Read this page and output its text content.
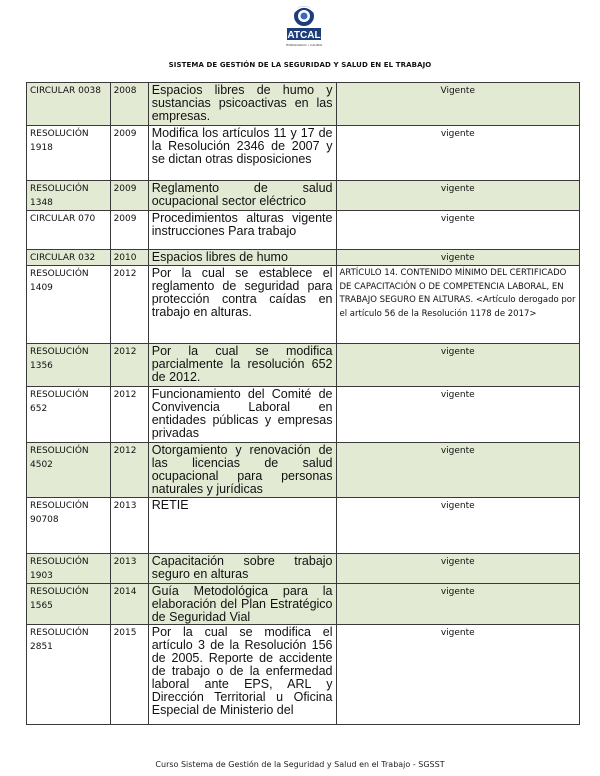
ATCAL
TECNOLÓGICO • CALIDAD
SISTEMA DE GESTIÓN DE LA SEGURIDAD Y SALUD EN EL TRABAJO
CIRCULAR 0038	2008	Espacios libres de humo y sustancias psicoactivas en las empresas.	Vigente
RESOLUCIÓN 1918	2009	Modifica los artículos 11 y 17 de la Resolución 2346 de 2007 y se dictan otras disposiciones	vigente
RESOLUCIÓN 1348	2009	Reglamento de salud ocupacional sector eléctrico	vigente
CIRCULAR 070	2009	Procedimientos alturas vigente instrucciones Para trabajo	vigente
CIRCULAR 032	2010	Espacios libres de humo	vigente
RESOLUCIÓN 1409	2012	Por la cual se establece el reglamento de seguridad para protección contra caídas en trabajo en alturas.	ARTÍCULO 14. CONTENIDO MÍNIMO DEL CERTIFICADO DE CAPACITACIÓN O DE COMPETENCIA LABORAL, EN TRABAJO SEGURO EN ALTURAS. <Artículo derogado por el artículo 56 de la Resolución 1178 de 2017>
RESOLUCIÓN 1356	2012	Por la cual se modifica parcialmente la resolución 652 de 2012.	vigente
RESOLUCIÓN 652	2012	Funcionamiento del Comité de Convivencia Laboral en entidades públicas y empresas privadas	vigente
RESOLUCIÓN 4502	2012	Otorgamiento y renovación de las licencias de salud ocupacional para personas naturales y jurídicas	vigente
RESOLUCIÓN 90708	2013	RETIE	vigente
RESOLUCIÓN 1903	2013	Capacitación sobre trabajo seguro en alturas	vigente
RESOLUCIÓN 1565	2014	Guía Metodológica para la elaboración del Plan Estratégico de Seguridad Vial	vigente
RESOLUCIÓN 2851	2015	Por la cual se modifica el artículo 3 de la Resolución 156 de 2005. Reporte de accidente de trabajo o de la enfermedad laboral ante EPS, ARL y Dirección Territorial u Oficina Especial de Ministerio del	vigente
Curso Sistema de Gestión de la Seguridad y Salud en el Trabajo - SGSST
